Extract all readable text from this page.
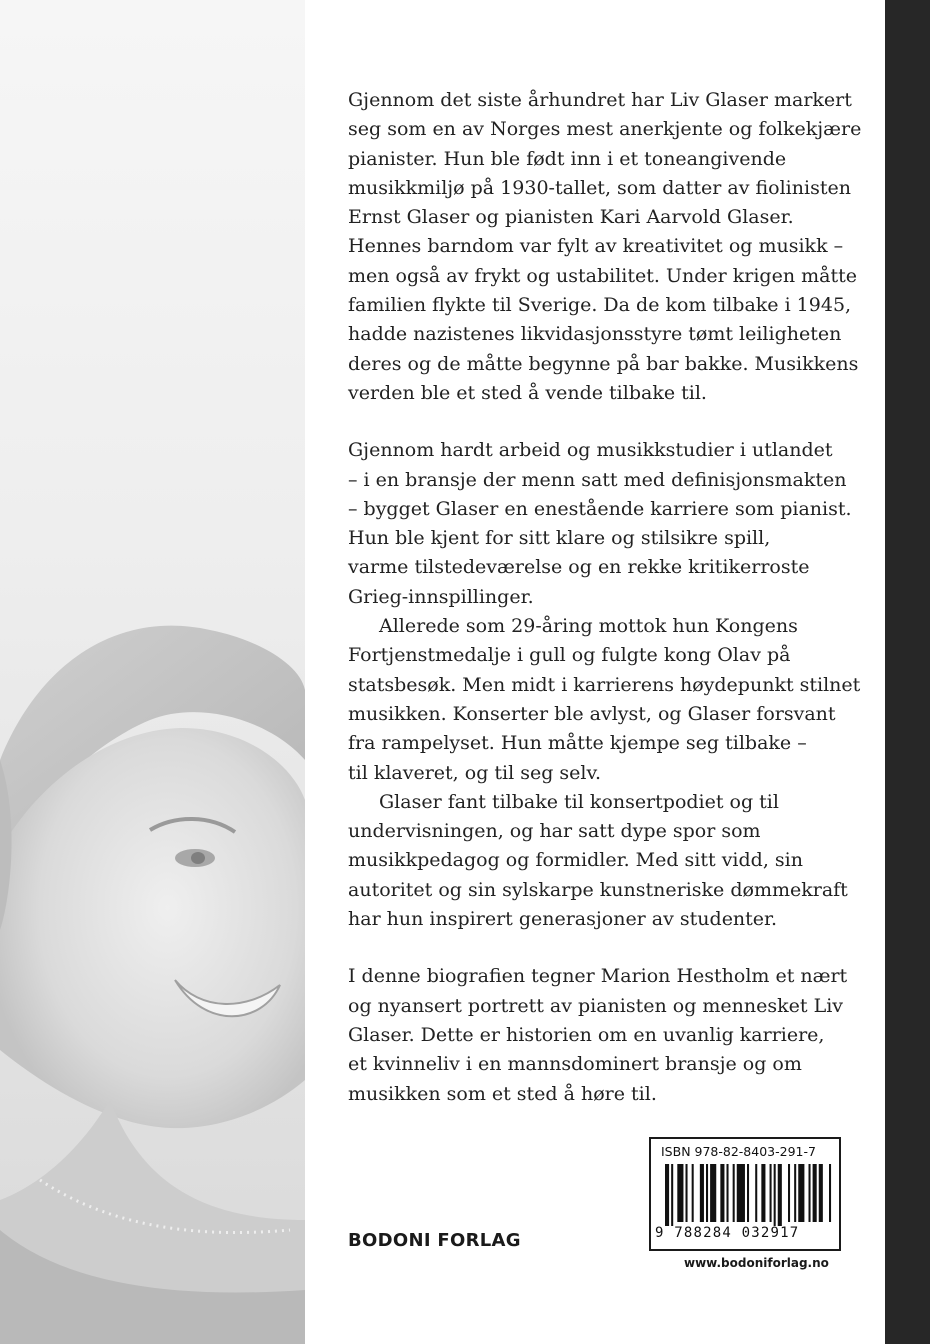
Gjennom det siste århundret har Liv Glaser markert
seg som en av Norges mest anerkjente og folkekjære
pianister. Hun ble født inn i et toneangivende
musikkmiljø på 1930-tallet, som datter av fiolinisten
Ernst Glaser og pianisten Kari Aarvold Glaser.
Hennes barndom var fylt av kreativitet og musikk –
men også av frykt og ustabilitet. Under krigen måtte
familien flykte til Sverige. Da de kom tilbake i 1945,
hadde nazistenes likvidasjonsstyre tømt leiligheten
deres og de måtte begynne på bar bakke. Musikkens
verden ble et sted å vende tilbake til.

Gjennom hardt arbeid og musikkstudier i utlandet
– i en bransje der menn satt med definisjonsmakten
– bygget Glaser en enestående karriere som pianist.
Hun ble kjent for sitt klare og stilsikre spill,
varme tilstedeværelse og en rekke kritikerroste
Grieg-innspillinger.

Allerede som 29-åring mottok hun Kongens
Fortjenstmedalje i gull og fulgte kong Olav på
statsbesøk. Men midt i karrierens høydepunkt stilnet
musikken. Konserter ble avlyst, og Glaser forsvant
fra rampelyset. Hun måtte kjempe seg tilbake –
til klaveret, og til seg selv.

Glaser fant tilbake til konsertpodiet og til
undervisningen, og har satt dype spor som
musikkpedagog og formidler. Med sitt vidd, sin
autoritet og sin sylskarpe kunstneriske dømmekraft
har hun inspirert generasjoner av studenter.

I denne biografien tegner Marion Hestholm et nært
og nyansert portrett av pianisten og mennesket Liv
Glaser. Dette er historien om en uvanlig karriere,
et kvinneliv i en mannsdominert bransje og om
musikken som et sted å høre til.

BODONI FORLAG
ISBN 978-82-8403-291-7
9 788284 032917
www.bodoniforlag.no
